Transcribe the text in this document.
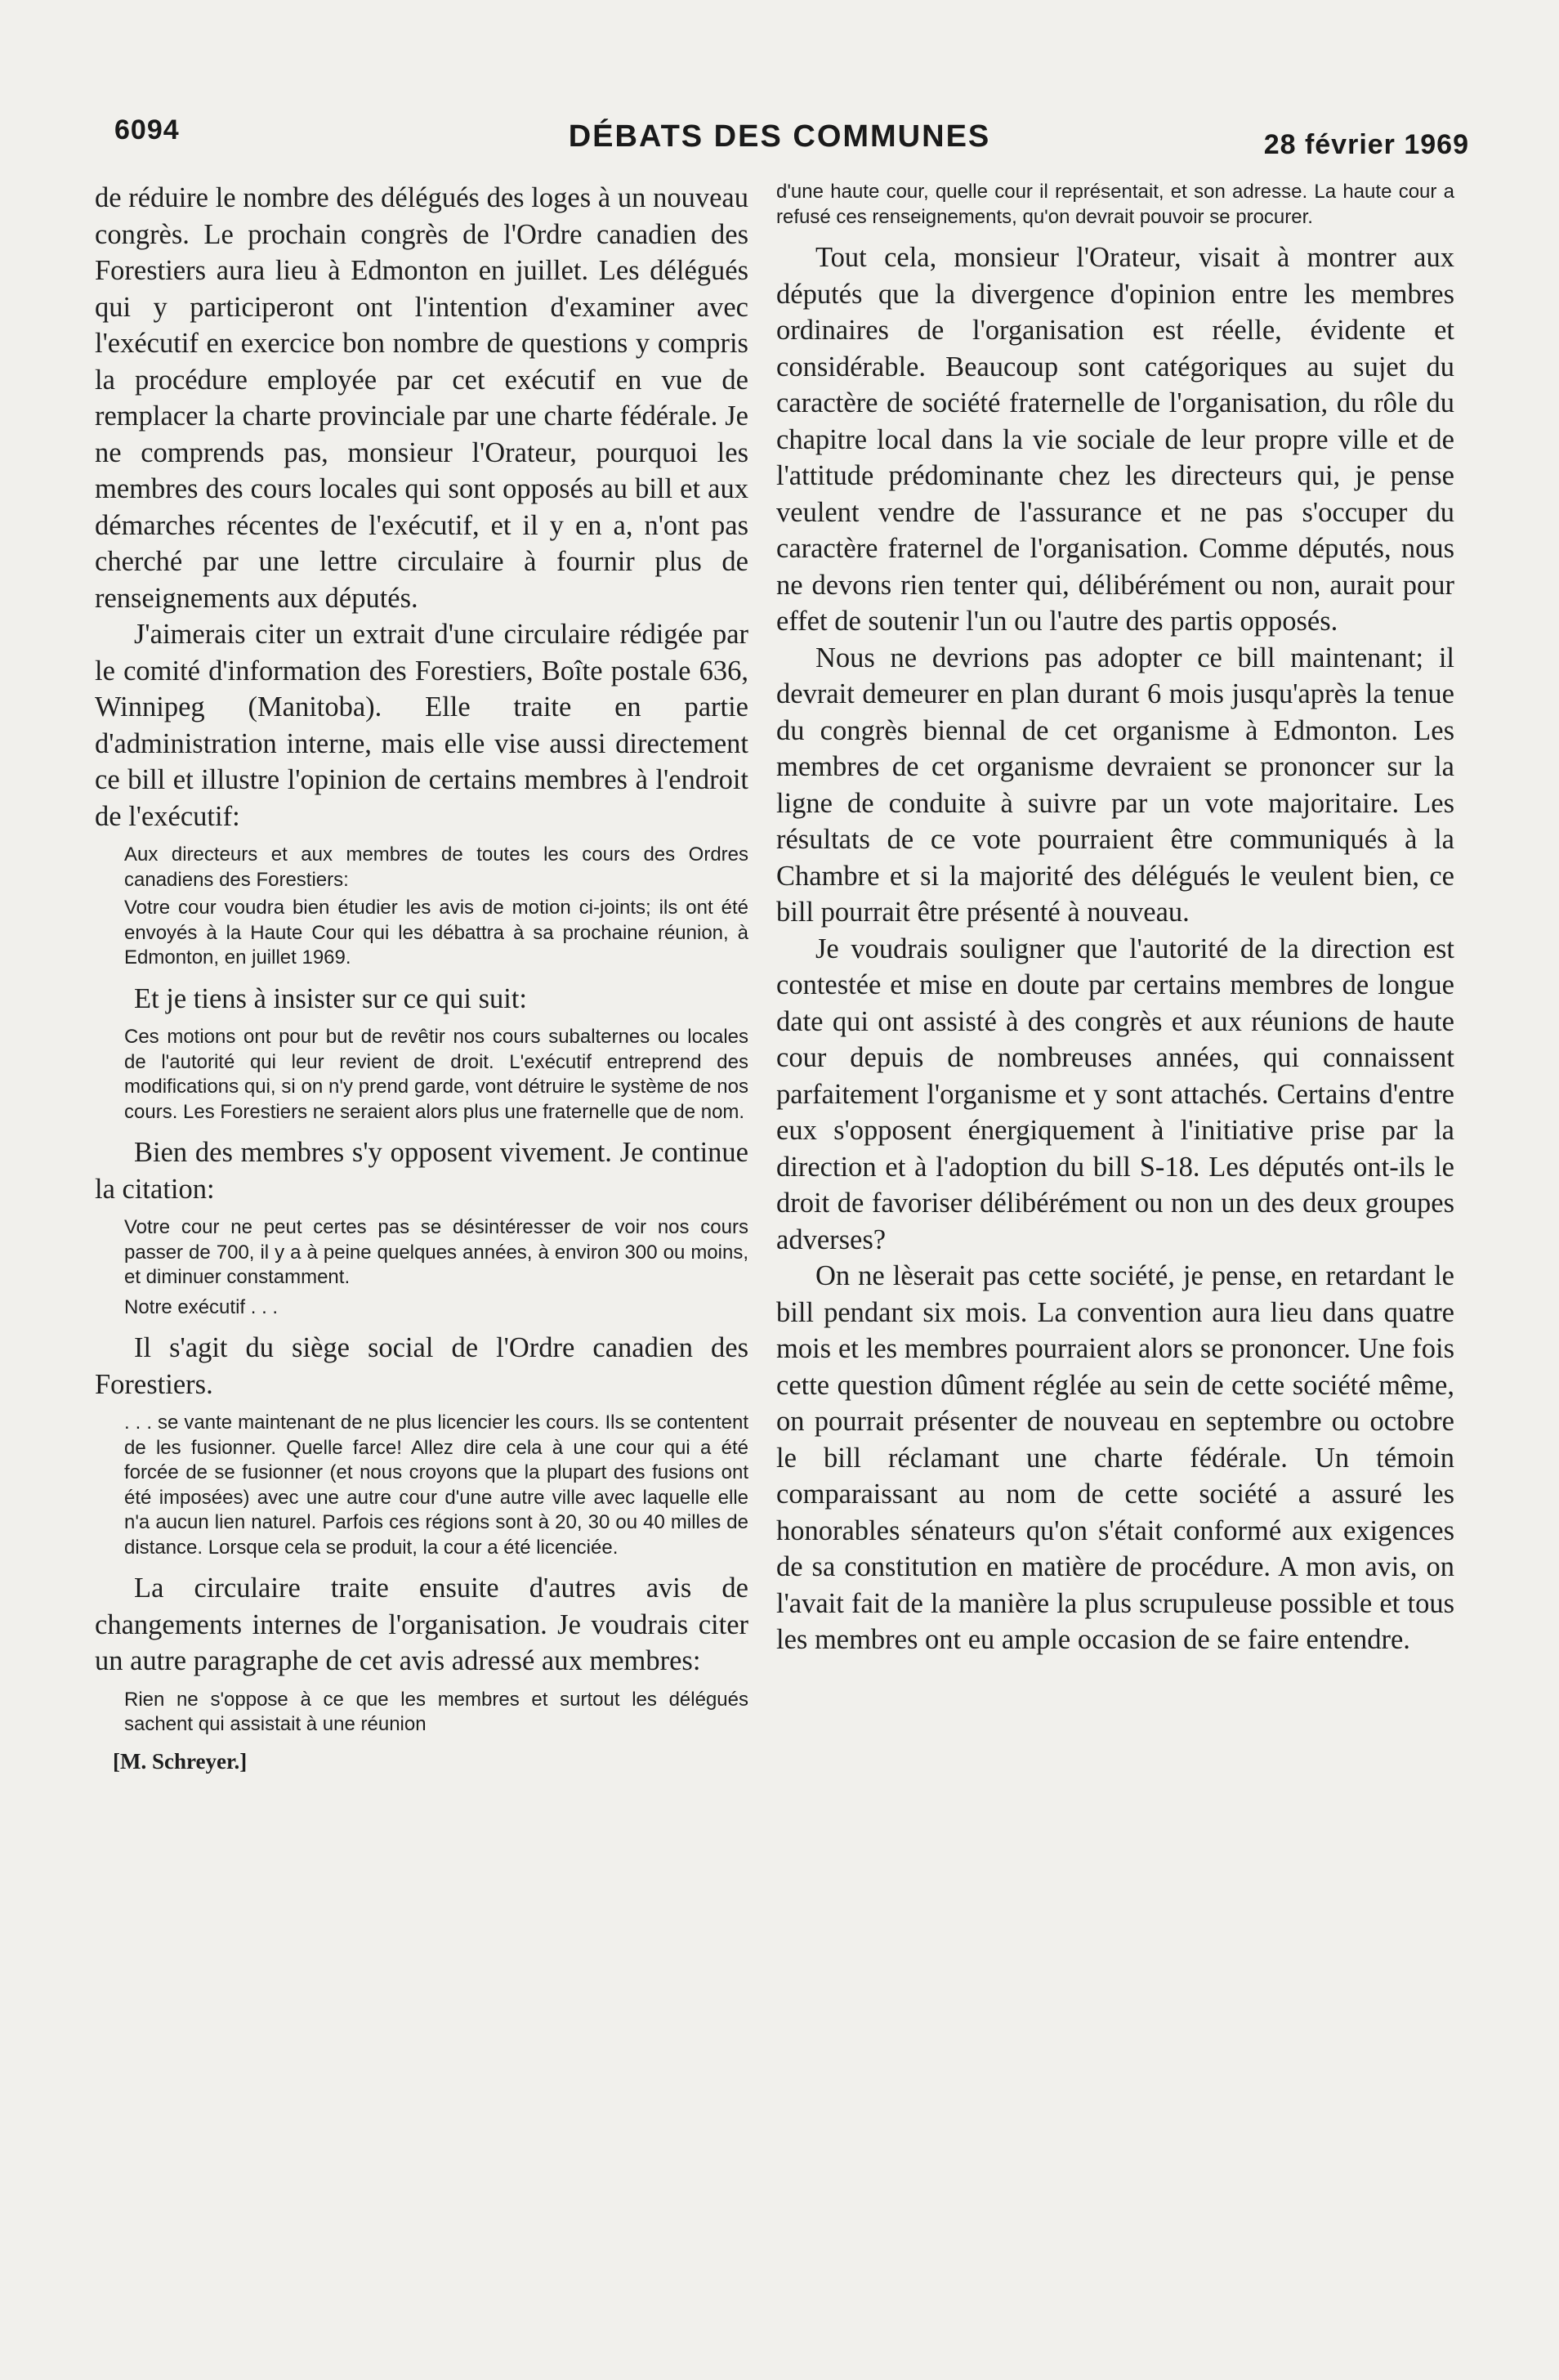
6094	DÉBATS DES COMMUNES	28 février 1969

de réduire le nombre des délégués des loges à un nouveau congrès. Le prochain congrès de l'Ordre canadien des Forestiers aura lieu à Edmonton en juillet. Les délégués qui y participeront ont l'intention d'examiner avec l'exécutif en exercice bon nombre de questions y compris la procédure employée par cet exécutif en vue de remplacer la charte provinciale par une charte fédérale. Je ne comprends pas, monsieur l'Orateur, pourquoi les membres des cours locales qui sont opposés au bill et aux démarches récentes de l'exécutif, et il y en a, n'ont pas cherché par une lettre circulaire à fournir plus de renseignements aux députés.

J'aimerais citer un extrait d'une circulaire rédigée par le comité d'information des Forestiers, Boîte postale 636, Winnipeg (Manitoba). Elle traite en partie d'administration interne, mais elle vise aussi directement ce bill et illustre l'opinion de certains membres à l'endroit de l'exécutif:

Aux directeurs et aux membres de toutes les cours des Ordres canadiens des Forestiers:

Votre cour voudra bien étudier les avis de motion ci-joints; ils ont été envoyés à la Haute Cour qui les débattra à sa prochaine réunion, à Edmonton, en juillet 1969.

Et je tiens à insister sur ce qui suit:

Ces motions ont pour but de revêtir nos cours subalternes ou locales de l'autorité qui leur revient de droit. L'exécutif entreprend des modifications qui, si on n'y prend garde, vont détruire le système de nos cours. Les Forestiers ne seraient alors plus une fraternelle que de nom.

Bien des membres s'y opposent vivement. Je continue la citation:

Votre cour ne peut certes pas se désintéresser de voir nos cours passer de 700, il y a à peine quelques années, à environ 300 ou moins, et diminuer constamment.

Notre exécutif . . .

Il s'agit du siège social de l'Ordre canadien des Forestiers.

. . . se vante maintenant de ne plus licencier les cours. Ils se contentent de les fusionner. Quelle farce! Allez dire cela à une cour qui a été forcée de se fusionner (et nous croyons que la plupart des fusions ont été imposées) avec une autre cour d'une autre ville avec laquelle elle n'a aucun lien naturel. Parfois ces régions sont à 20, 30 ou 40 milles de distance. Lorsque cela se produit, la cour a été licenciée.

La circulaire traite ensuite d'autres avis de changements internes de l'organisation. Je voudrais citer un autre paragraphe de cet avis adressé aux membres:

Rien ne s'oppose à ce que les membres et surtout les délégués sachent qui assistait à une réunion

[M. Schreyer.]

d'une haute cour, quelle cour il représentait, et son adresse. La haute cour a refusé ces renseignements, qu'on devrait pouvoir se procurer.

Tout cela, monsieur l'Orateur, visait à montrer aux députés que la divergence d'opinion entre les membres ordinaires de l'organisation est réelle, évidente et considérable. Beaucoup sont catégoriques au sujet du caractère de société fraternelle de l'organisation, du rôle du chapitre local dans la vie sociale de leur propre ville et de l'attitude prédominante chez les directeurs qui, je pense veulent vendre de l'assurance et ne pas s'occuper du caractère fraternel de l'organisation. Comme députés, nous ne devons rien tenter qui, délibérément ou non, aurait pour effet de soutenir l'un ou l'autre des partis opposés.

Nous ne devrions pas adopter ce bill maintenant; il devrait demeurer en plan durant 6 mois jusqu'après la tenue du congrès biennal de cet organisme à Edmonton. Les membres de cet organisme devraient se prononcer sur la ligne de conduite à suivre par un vote majoritaire. Les résultats de ce vote pourraient être communiqués à la Chambre et si la majorité des délégués le veulent bien, ce bill pourrait être présenté à nouveau.

Je voudrais souligner que l'autorité de la direction est contestée et mise en doute par certains membres de longue date qui ont assisté à des congrès et aux réunions de haute cour depuis de nombreuses années, qui connaissent parfaitement l'organisme et y sont attachés. Certains d'entre eux s'opposent énergiquement à l'initiative prise par la direction et à l'adoption du bill S-18. Les députés ont-ils le droit de favoriser délibérément ou non un des deux groupes adverses?

On ne lèserait pas cette société, je pense, en retardant le bill pendant six mois. La convention aura lieu dans quatre mois et les membres pourraient alors se prononcer. Une fois cette question dûment réglée au sein de cette société même, on pourrait présenter de nouveau en septembre ou octobre le bill réclamant une charte fédérale. Un témoin comparaissant au nom de cette société a assuré les honorables sénateurs qu'on s'était conformé aux exigences de sa constitution en matière de procédure. A mon avis, on l'avait fait de la manière la plus scrupuleuse possible et tous les membres ont eu ample occasion de se faire entendre.
